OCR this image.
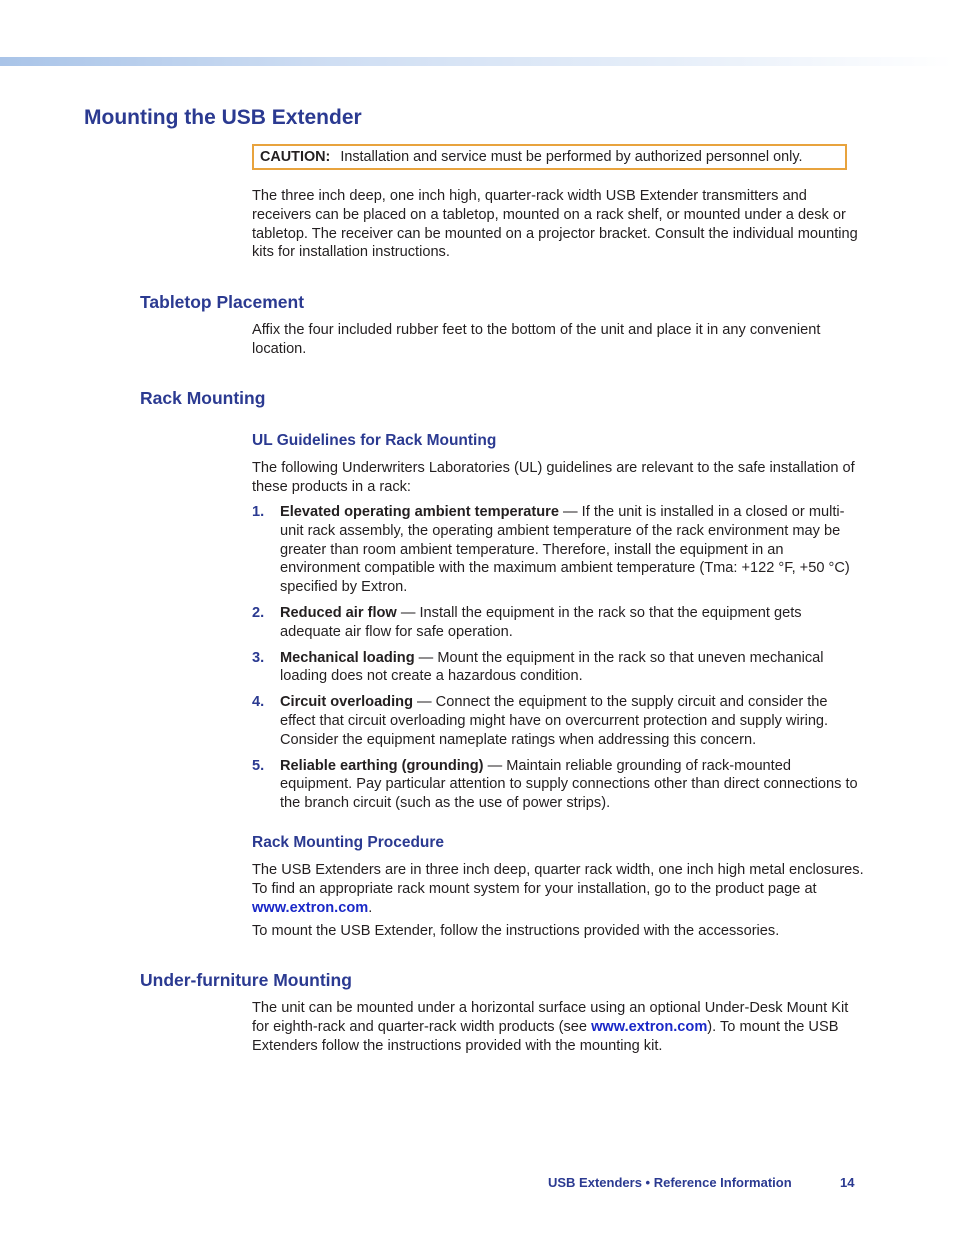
Mounting the USB Extender
CAUTION: Installation and service must be performed by authorized personnel only.

The three inch deep, one inch high, quarter-rack width USB Extender transmitters and receivers can be placed on a tabletop, mounted on a rack shelf, or mounted under a desk or tabletop. The receiver can be mounted on a projector bracket. Consult the individual mounting kits for installation instructions.

Tabletop Placement

Affix the four included rubber feet to the bottom of the unit and place it in any convenient location.

Rack Mounting
UL Guidelines for Rack Mounting

The following Underwriters Laboratories (UL) guidelines are relevant to the safe installation of these products in a rack:

1. Elevated operating ambient temperature — If the unit is installed in a closed or multi-unit rack assembly, the operating ambient temperature of the rack environment may be greater than room ambient temperature. Therefore, install the equipment in an environment compatible with the maximum ambient temperature (Tma: +122 °F, +50 °C) specified by Extron.
2. Reduced air flow — Install the equipment in the rack so that the equipment gets adequate air flow for safe operation.
3. Mechanical loading — Mount the equipment in the rack so that uneven mechanical loading does not create a hazardous condition.
4. Circuit overloading — Connect the equipment to the supply circuit and consider the effect that circuit overloading might have on overcurrent protection and supply wiring. Consider the equipment nameplate ratings when addressing this concern.
5. Reliable earthing (grounding) — Maintain reliable grounding of rack-mounted equipment. Pay particular attention to supply connections other than direct connections to the branch circuit (such as the use of power strips).
Rack Mounting Procedure

The USB Extenders are in three inch deep, quarter rack width, one inch high metal enclosures. To find an appropriate rack mount system for your installation, go to the product page at www.extron.com.

To mount the USB Extender, follow the instructions provided with the accessories.

Under-furniture Mounting

The unit can be mounted under a horizontal surface using an optional Under-Desk Mount Kit for eighth-rack and quarter-rack width products (see www.extron.com). To mount the USB Extenders follow the instructions provided with the mounting kit.

USB Extenders • Reference Information	14
